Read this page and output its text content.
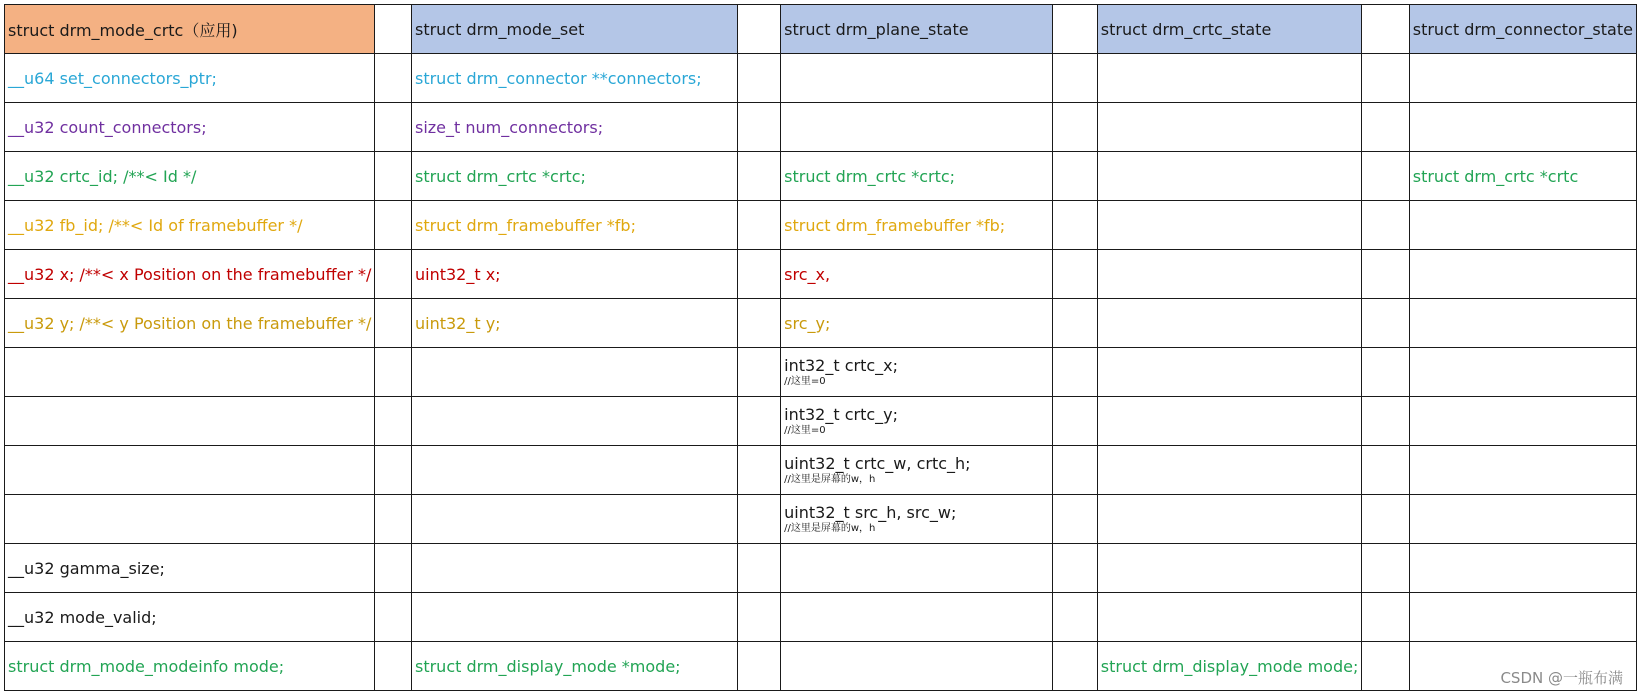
struct drm_mode_crtc（应用)		struct drm_mode_set		struct drm_plane_state		struct drm_crtc_state		struct drm_connector_state
__u64 set_connectors_ptr;		struct drm_connector **connectors;						
__u32 count_connectors;		size_t num_connectors;						
__u32 crtc_id; /**< Id */		struct drm_crtc *crtc;		struct drm_crtc *crtc;				struct drm_crtc *crtc
__u32 fb_id; /**< Id of framebuffer */		struct drm_framebuffer *fb;		struct drm_framebuffer *fb;				
__u32 x; /**< x Position on the framebuffer */		uint32_t x;		src_x,				
__u32 y; /**< y Position on the framebuffer */		uint32_t y;		src_y;				

				int32_t crtc_x;
//这里=0				

				int32_t crtc_y;
//这里=0				

				uint32_t crtc_w, crtc_h;
//这里是屏幕的w，h				

				uint32_t src_h, src_w;
//这里是屏幕的w，h				

__u32 gamma_size;								
__u32 mode_valid;								
struct drm_mode_modeinfo mode;		struct drm_display_mode *mode;				struct drm_display_mode mode;		
CSDN @一瓶布满
